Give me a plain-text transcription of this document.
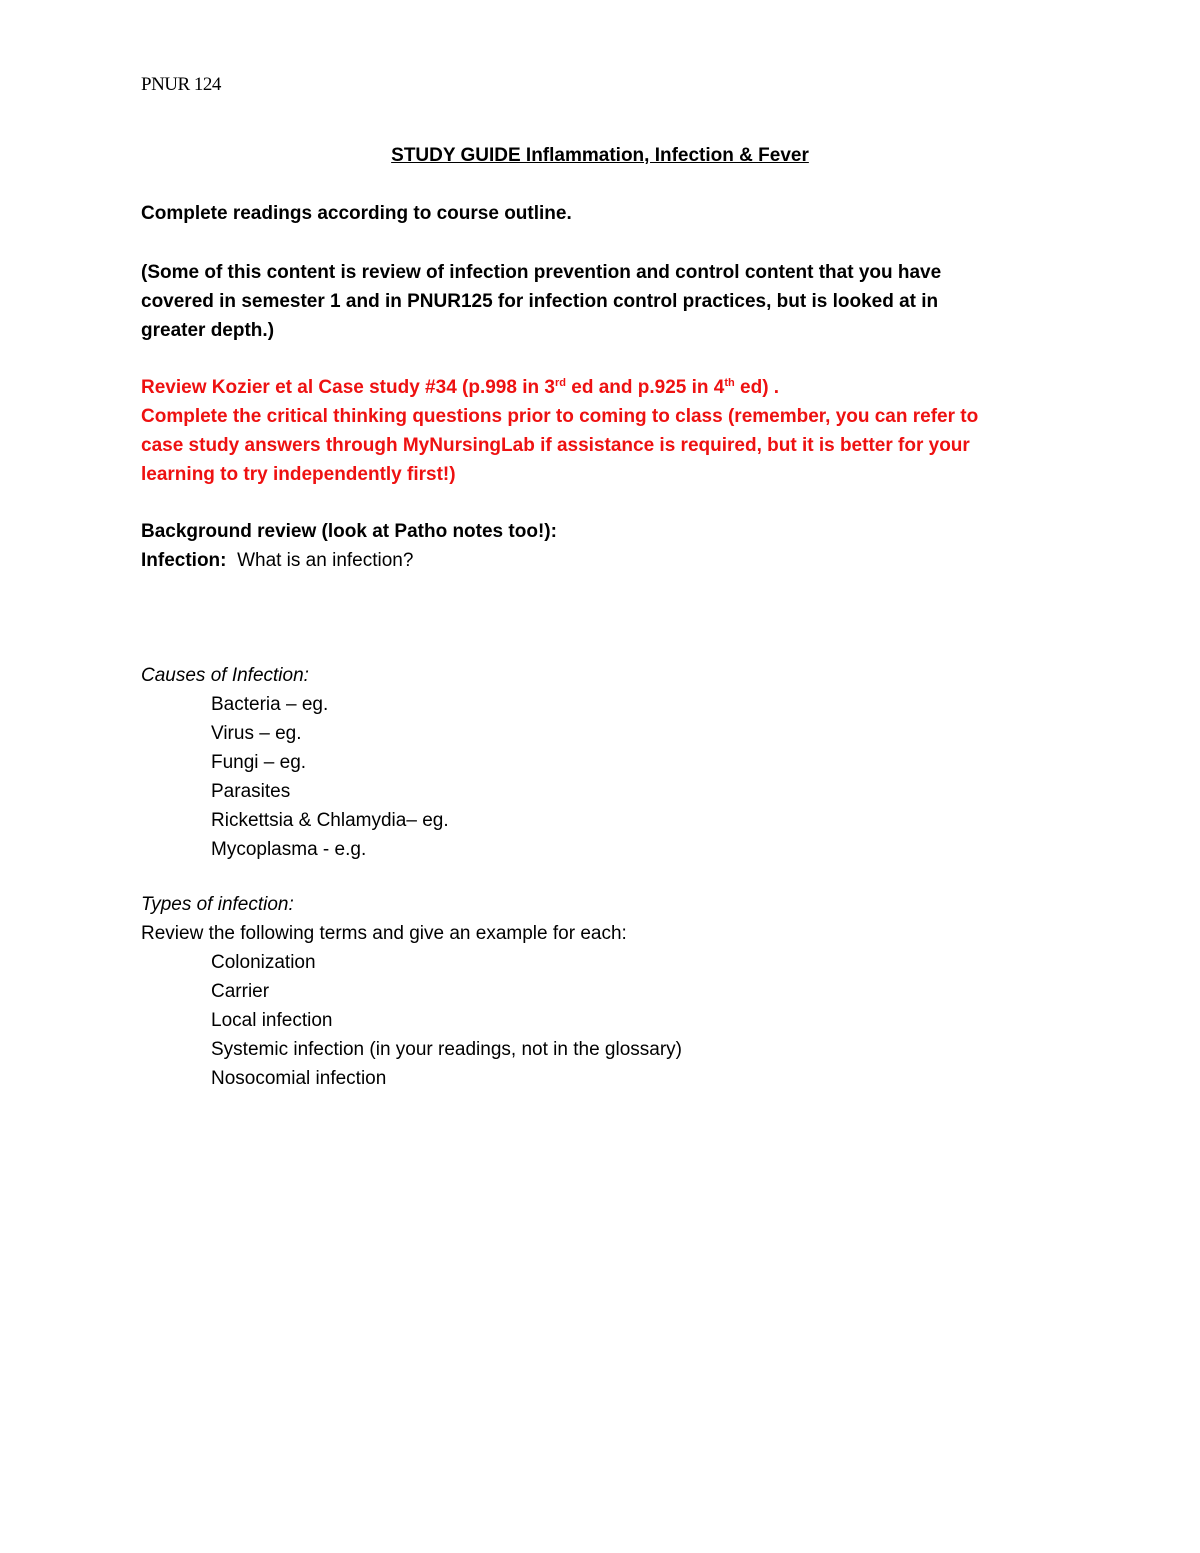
PNUR 124
STUDY GUIDE Inflammation, Infection & Fever
Complete readings according to course outline.
(Some of this content is review of infection prevention and control content that you have
covered in semester 1 and in PNUR125 for infection control practices, but is looked at in
greater depth.)
Review Kozier et al Case study #34 (p.998 in 3rd ed and p.925 in 4th ed) .
Complete the critical thinking questions prior to coming to class (remember, you can refer to
case study answers through MyNursingLab if assistance is required, but it is better for your
learning to try independently first!)
Background review (look at Patho notes too!):
Infection: What is an infection?
Causes of Infection:
Bacteria – eg.
Virus – eg.
Fungi – eg.
Parasites
Rickettsia & Chlamydia– eg.
Mycoplasma - e.g.
Types of infection:
Review the following terms and give an example for each:
Colonization
Carrier
Local infection
Systemic infection (in your readings, not in the glossary)
Nosocomial infection
